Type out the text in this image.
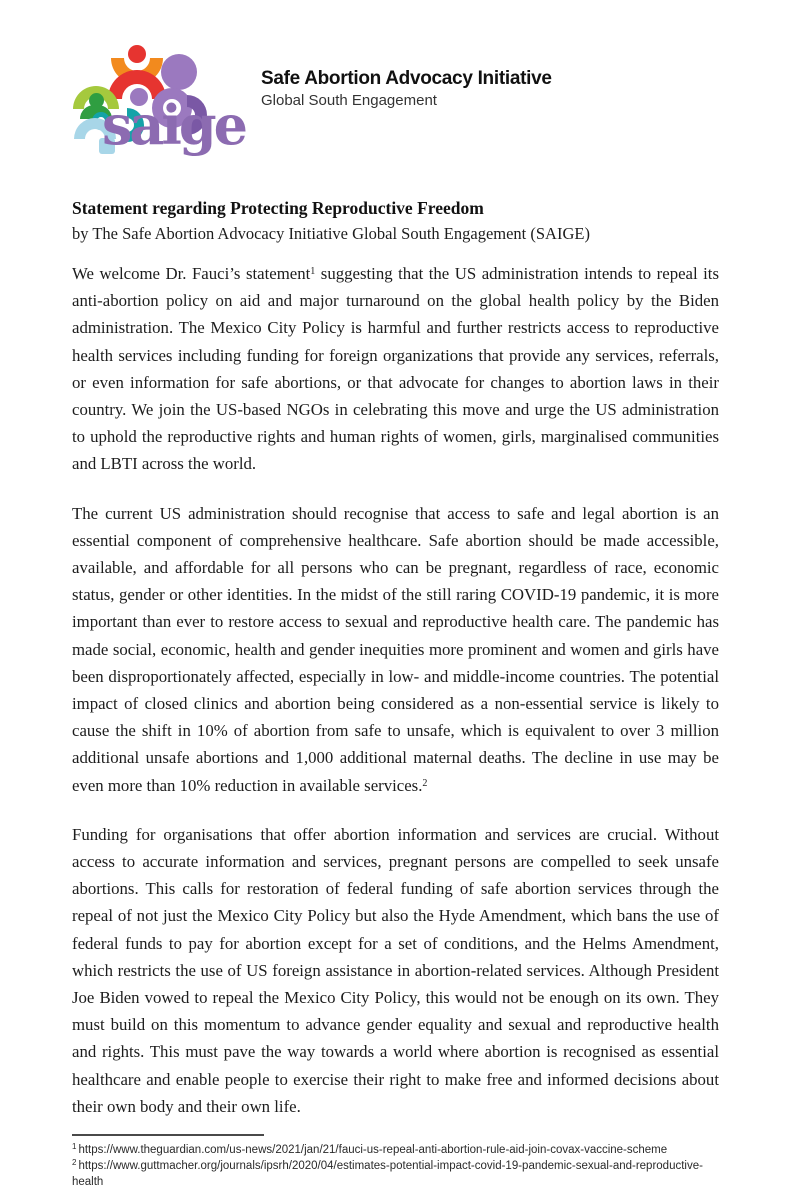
saige
Safe Abortion Advocacy Initiative
Global South Engagement
Statement regarding Protecting Reproductive Freedom
by The Safe Abortion Advocacy Initiative Global South Engagement (SAIGE)

We welcome Dr. Fauci’s statement$^1$ suggesting that the US administration intends to repeal its anti-abortion policy on aid and major turnaround on the global health policy by the Biden administration. The Mexico City Policy is harmful and further restricts access to reproductive health services including funding for foreign organizations that provide any services, referrals, or even information for safe abortions, or that advocate for changes to abortion laws in their country. We join the US-based NGOs in celebrating this move and urge the US administration to uphold the reproductive rights and human rights of women, girls, marginalised communities and LBTI across the world.

The current US administration should recognise that access to safe and legal abortion is an essential component of comprehensive healthcare. Safe abortion should be made accessible, available, and affordable for all persons who can be pregnant, regardless of race, economic status, gender or other identities. In the midst of the still raring COVID-19 pandemic, it is more important than ever to restore access to sexual and reproductive health care. The pandemic has made social, economic, health and gender inequities more prominent and women and girls have been disproportionately affected, especially in low- and middle-income countries. The potential impact of closed clinics and abortion being considered as a non-essential service is likely to cause the shift in 10% of abortion from safe to unsafe, which is equivalent to over 3 million additional unsafe abortions and 1,000 additional maternal deaths. The decline in use may be even more than 10% reduction in available services.$^2$

Funding for organisations that offer abortion information and services are crucial. Without access to accurate information and services, pregnant persons are compelled to seek unsafe abortions. This calls for restoration of federal funding of safe abortion services through the repeal of not just the Mexico City Policy but also the Hyde Amendment, which bans the use of federal funds to pay for abortion except for a set of conditions, and the Helms Amendment, which restricts the use of US foreign assistance in abortion-related services. Although President Joe Biden vowed to repeal the Mexico City Policy, this would not be enough on its own. They must build on this momentum to advance gender equality and sexual and reproductive health and rights. This must pave the way towards a world where abortion is recognised as essential healthcare and enable people to exercise their right to make free and informed decisions about their own body and their own life.

$^1$ https://www.theguardian.com/us-news/2021/jan/21/fauci-us-repeal-anti-abortion-rule-aid-join-covax-vaccine-scheme
$^2$ https://www.guttmacher.org/journals/ipsrh/2020/04/estimates-potential-impact-covid-19-pandemic-sexual-and-reproductive-health
